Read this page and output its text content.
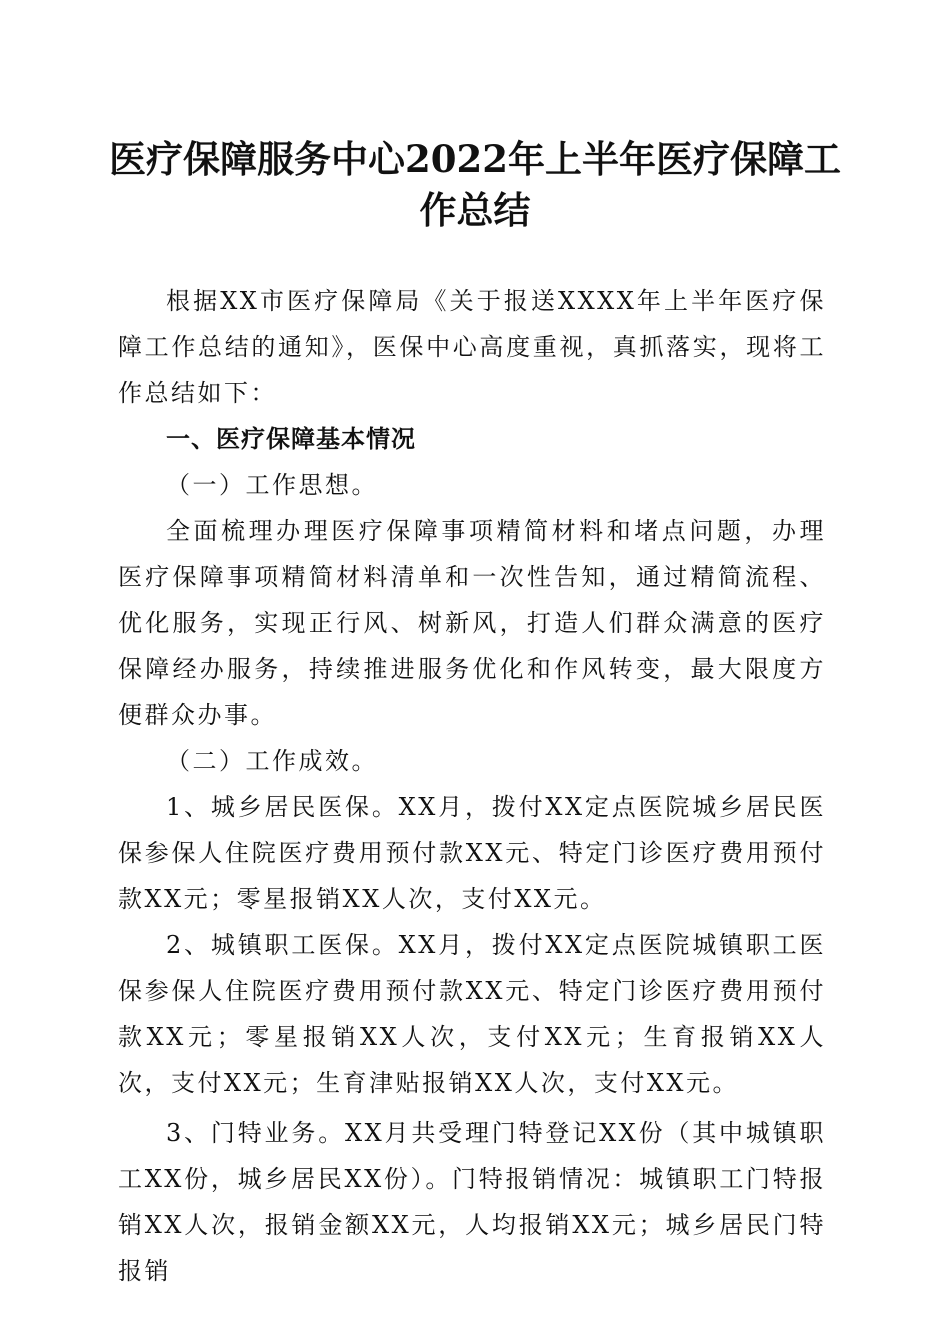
医疗保障服务中心2022年上半年医疗保障工
作总结

根据XX市医疗保障局《关于报送XXXX年上半年医疗保障工作总结的通知》，医保中心高度重视，真抓落实，现将工作总结如下：

一、医疗保障基本情况

（一）工作思想。

全面梳理办理医疗保障事项精简材料和堵点问题，办理医疗保障事项精简材料清单和一次性告知，通过精简流程、优化服务，实现正行风、树新风，打造人们群众满意的医疗保障经办服务，持续推进服务优化和作风转变，最大限度方便群众办事。

（二）工作成效。

1、城乡居民医保。XX月，拨付XX定点医院城乡居民医保参保人住院医疗费用预付款XX元、特定门诊医疗费用预付款XX元；零星报销XX人次，支付XX元。

2、城镇职工医保。XX月，拨付XX定点医院城镇职工医保参保人住院医疗费用预付款XX元、特定门诊医疗费用预付款XX元；零星报销XX人次，支付XX元；生育报销XX人次，支付XX元；生育津贴报销XX人次，支付XX元。

3、门特业务。XX月共受理门特登记XX份（其中城镇职工XX份，城乡居民XX份）。门特报销情况：城镇职工门特报销XX人次，报销金额XX元，人均报销XX元；城乡居民门特报销
